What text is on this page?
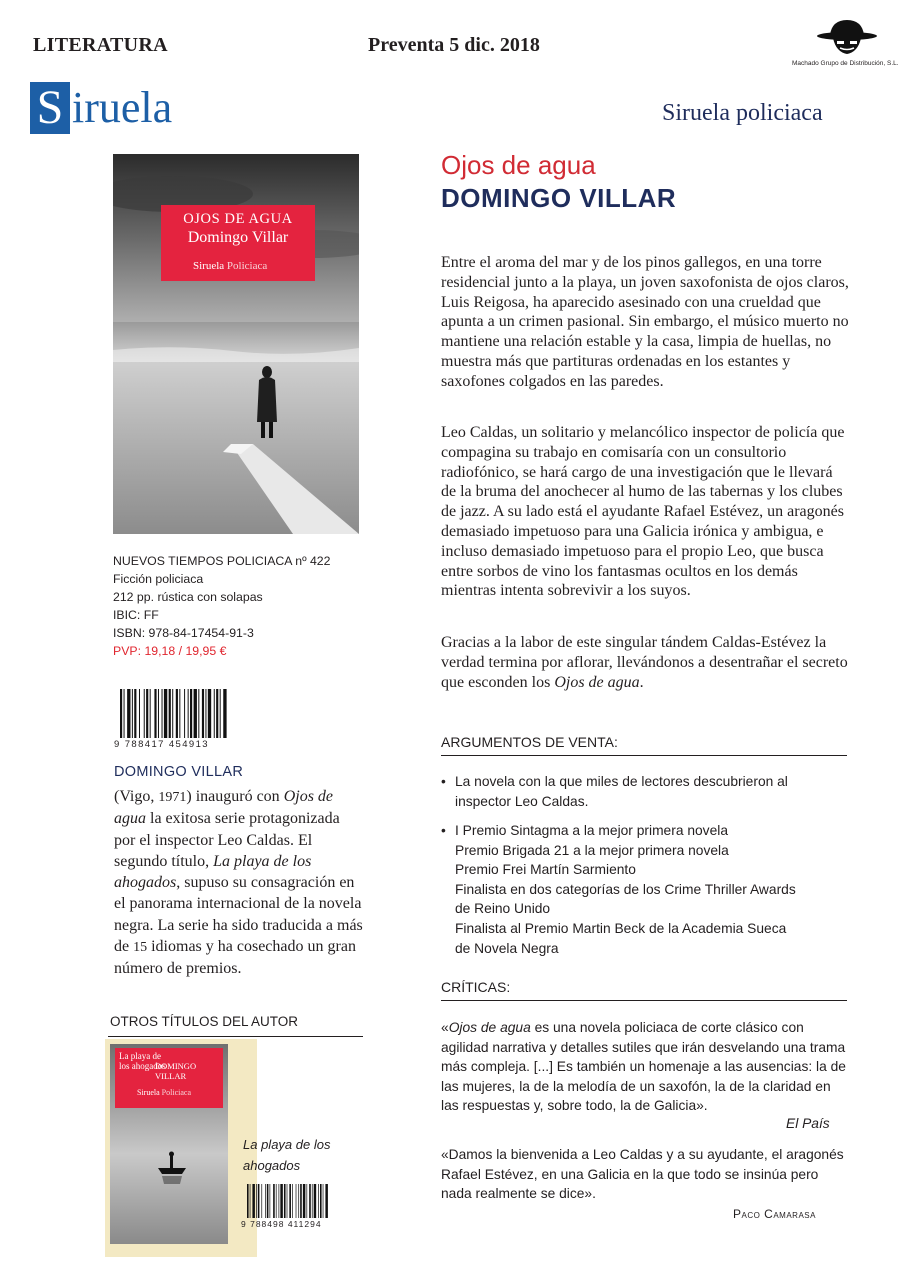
LITERATURA	Preventa 5 dic. 2018
S iruela
Machado Grupo de Distribución, S.L.
Siruela policiaca
OJOS DE AGUA
Domingo Villar
Siruela Policiaca
NUEVOS TIEMPOS POLICIACA nº 422
Ficción policiaca
212 pp. rústica con solapas
IBIC: FF
ISBN: 978-84-17454-91-3
PVP: 19,18 / 19,95 €
9 788417 454913
DOMINGO VILLAR
(Vigo, 1971) inauguró con Ojos de agua la exitosa serie protagonizada por el inspector Leo Caldas. El segundo título, La playa de los ahogados, supuso su consagración en el panorama internacional de la novela negra. La serie ha sido traducida a más de 15 idiomas y ha cosechado un gran número de premios.
OTROS TÍTULOS DEL AUTOR
La playa de
los ahogados
DOMINGO VILLAR
Siruela Policiaca
La playa de los
ahogados
9 788498 411294
Ojos de agua
DOMINGO VILLAR
Entre el aroma del mar y de los pinos gallegos, en una torre residencial junto a la playa, un joven saxofonista de ojos claros, Luis Reigosa, ha aparecido asesinado con una crueldad que apunta a un crimen pasional. Sin embargo, el músico muerto no mantiene una relación estable y la casa, limpia de huellas, no muestra más que partituras ordenadas en los estantes y saxofones colgados en las paredes.
Leo Caldas, un solitario y melancólico inspector de policía que compagina su trabajo en comisaría con un consultorio radiofónico, se hará cargo de una investigación que le llevará de la bruma del anochecer al humo de las tabernas y los clubes de jazz. A su lado está el ayudante Rafael Estévez, un aragonés demasiado impetuoso para una Galicia irónica y ambigua, e incluso demasiado impetuoso para el propio Leo, que busca entre sorbos de vino los fantasmas ocultos en los demás mientras intenta sobrevivir a los suyos.
Gracias a la labor de este singular tándem Caldas-Estévez la verdad termina por aflorar, llevándonos a desentrañar el secreto que esconden los Ojos de agua.
ARGUMENTOS DE VENTA:
• La novela con la que miles de lectores descubrieron al
inspector Leo Caldas.
• I Premio Sintagma a la mejor primera novela
Premio Brigada 21 a la mejor primera novela
Premio Frei Martín Sarmiento
Finalista en dos categorías de los Crime Thriller Awards
de Reino Unido
Finalista al Premio Martin Beck de la Academia Sueca
de Novela Negra
CRÍTICAS:
«Ojos de agua es una novela policiaca de corte clásico con agilidad narrativa y detalles sutiles que irán desvelando una trama más compleja. [...] Es también un homenaje a las ausencias: la de las mujeres, la de la melodía de un saxofón, la de la claridad en las respuestas y, sobre todo, la de Galicia».
El País
«Damos la bienvenida a Leo Caldas y a su ayudante, el aragonés Rafael Estévez, en una Galicia en la que todo se insinúa pero nada realmente se dice».
Paco Camarasa
